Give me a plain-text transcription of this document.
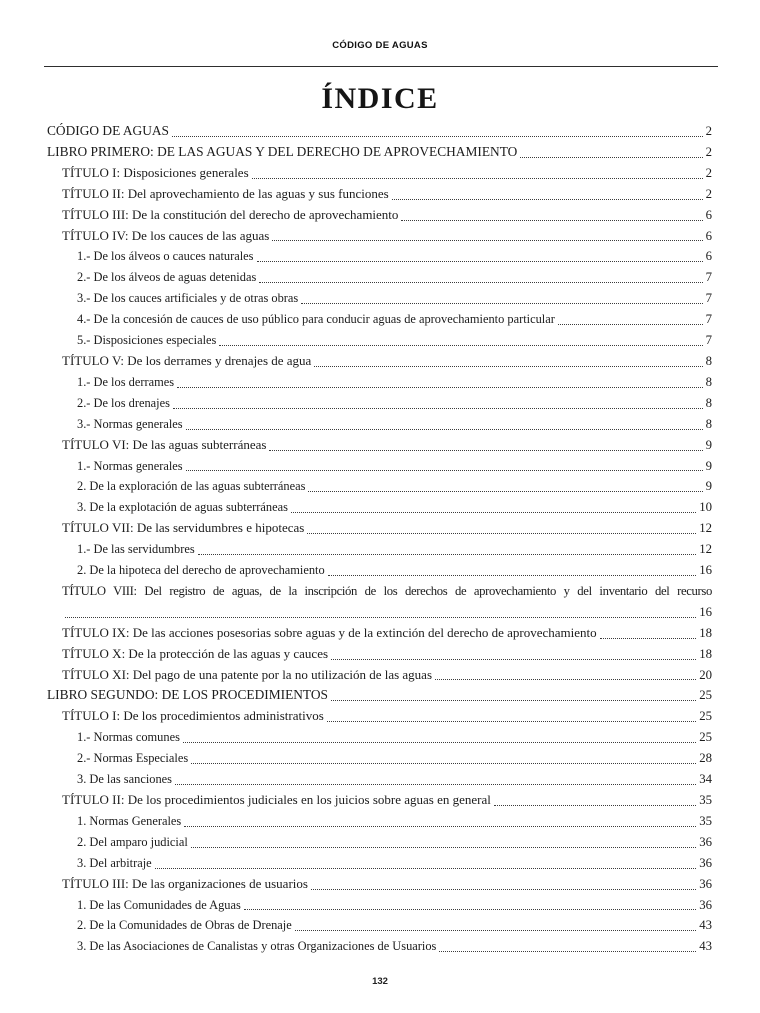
CÓDIGO DE AGUAS
ÍNDICE
CÓDIGO DE AGUAS	2
LIBRO PRIMERO: DE LAS AGUAS Y DEL DERECHO DE APROVECHAMIENTO	2
TÍTULO I: Disposiciones generales	2
TÍTULO II: Del aprovechamiento de las aguas y sus funciones	2
TÍTULO III: De la constitución del derecho de aprovechamiento	6
TÍTULO IV: De los cauces de las aguas	6
1.- De los álveos o cauces naturales	6
2.- De los álveos de aguas detenidas	7
3.- De los cauces artificiales y de otras obras	7
4.- De la concesión de cauces de uso público para conducir aguas de aprovechamiento particular	7
5.- Disposiciones especiales	7
TÍTULO V: De los derrames y drenajes de agua	8
1.- De los derrames	8
2.- De los drenajes	8
3.- Normas generales	8
TÍTULO VI: De las aguas subterráneas	9
1.- Normas generales	9
2. De la exploración de las aguas subterráneas	9
3. De la explotación de aguas subterráneas	10
TÍTULO VII: De las servidumbres e hipotecas	12
1.- De las servidumbres	12
2. De la hipoteca del derecho de aprovechamiento	16
TÍTULO VIII: Del registro de aguas, de la inscripción de los derechos de aprovechamiento y del inventario del recurso
16
TÍTULO IX: De las acciones posesorias sobre aguas y de la extinción del derecho de aprovechamiento	18
TÍTULO X: De la protección de las aguas y cauces	18
TÍTULO XI: Del pago de una patente por la no utilización de las aguas	20
LIBRO SEGUNDO: DE LOS PROCEDIMIENTOS	25
TÍTULO I: De los procedimientos administrativos	25
1.- Normas comunes	25
2.- Normas Especiales	28
3. De las sanciones	34
TÍTULO II: De los procedimientos judiciales en los juicios sobre aguas en general	35
1. Normas Generales	35
2. Del amparo judicial	36
3. Del arbitraje	36
TÍTULO III: De las organizaciones de usuarios	36
1. De las Comunidades de Aguas	36
2. De la Comunidades de Obras de Drenaje	43
3. De las Asociaciones de Canalistas y otras Organizaciones de Usuarios	43
132
